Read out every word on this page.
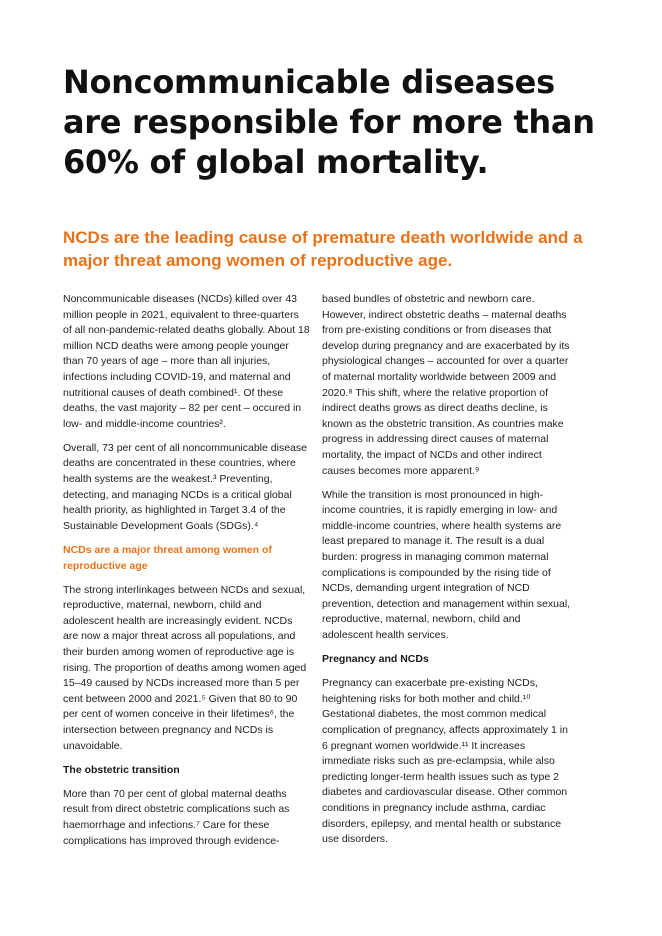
Noncommunicable diseases are responsible for more than 60% of global mortality.
NCDs are the leading cause of premature death worldwide and a major threat among women of reproductive age.

Noncommunicable diseases (NCDs) killed over 43 million people in 2021, equivalent to three-quarters of all non-pandemic-related deaths globally. About 18 million NCD deaths were among people younger than 70 years of age – more than all injuries, infections including COVID-19, and maternal and nutritional causes of death combined¹. Of these deaths, the vast majority – 82 per cent – occured in low- and middle-income countries².

Overall, 73 per cent of all noncommunicable disease deaths are concentrated in these countries, where health systems are the weakest.³ Preventing, detecting, and managing NCDs is a critical global health priority, as highlighted in Target 3.4 of the Sustainable Development Goals (SDGs).⁴

NCDs are a major threat among women of reproductive age

The strong interlinkages between NCDs and sexual, reproductive, maternal, newborn, child and adolescent health are increasingly evident. NCDs are now a major threat across all populations, and their burden among women of reproductive age is rising. The proportion of deaths among women aged 15–49 caused by NCDs increased more than 5 per cent between 2000 and 2021.⁵ Given that 80 to 90 per cent of women conceive in their lifetimes⁶, the intersection between pregnancy and NCDs is unavoidable.

The obstetric transition

More than 70 per cent of global maternal deaths result from direct obstetric complications such as haemorrhage and infections.⁷ Care for these complications has improved through evidence-

based bundles of obstetric and newborn care. However, indirect obstetric deaths – maternal deaths from pre-existing conditions or from diseases that develop during pregnancy and are exacerbated by its physiological changes – accounted for over a quarter of maternal mortality worldwide between 2009 and 2020.⁸ This shift, where the relative proportion of indirect deaths grows as direct deaths decline, is known as the obstetric transition. As countries make progress in addressing direct causes of maternal mortality, the impact of NCDs and other indirect causes becomes more apparent.⁹

While the transition is most pronounced in high-income countries, it is rapidly emerging in low- and middle-income countries, where health systems are least prepared to manage it. The result is a dual burden: progress in managing common maternal complications is compounded by the rising tide of NCDs, demanding urgent integration of NCD prevention, detection and management within sexual, reproductive, maternal, newborn, child and adolescent health services.

Pregnancy and NCDs

Pregnancy can exacerbate pre-existing NCDs, heightening risks for both mother and child.¹⁰ Gestational diabetes, the most common medical complication of pregnancy, affects approximately 1 in 6 pregnant women worldwide.¹¹ It increases immediate risks such as pre-eclampsia, while also predicting longer-term health issues such as type 2 diabetes and cardiovascular disease. Other common conditions in pregnancy include asthma, cardiac disorders, epilepsy, and mental health or substance use disorders.
